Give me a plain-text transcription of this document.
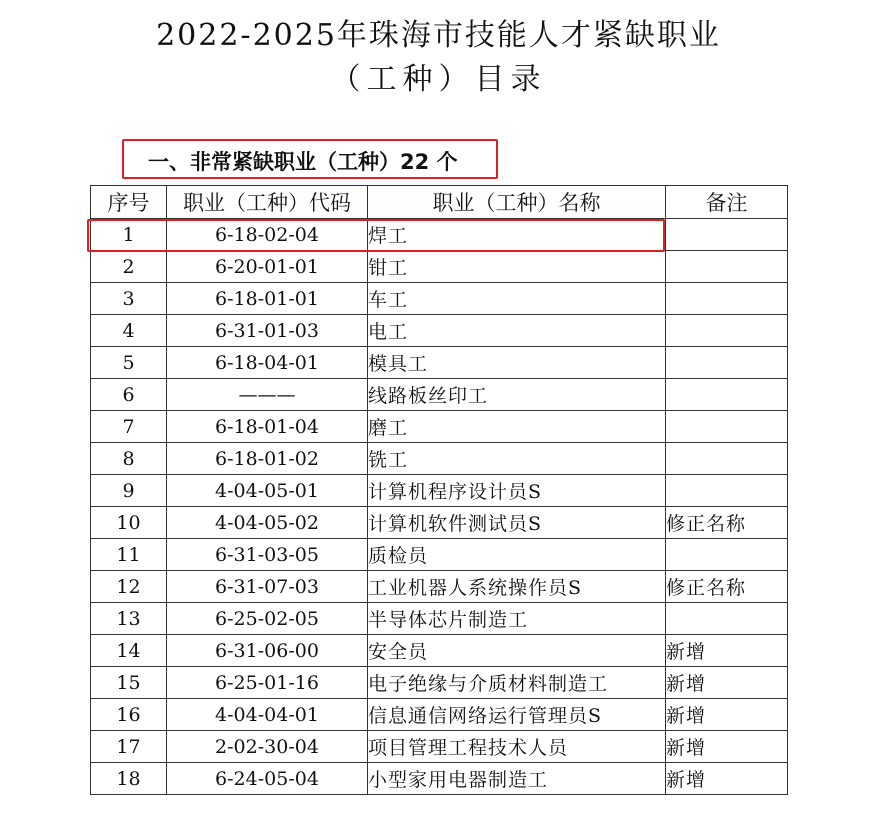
2022-2025年珠海市技能人才紧缺职业
（工种）目录
一、非常紧缺职业（工种）22 个
序号	职业（工种）代码	职业（工种）名称	备注
1	6-18-02-04	焊工	
2	6-20-01-01	钳工	
3	6-18-01-01	车工	
4	6-31-01-03	电工	
5	6-18-04-01	模具工	
6	———	线路板丝印工	
7	6-18-01-04	磨工	
8	6-18-01-02	铣工	
9	4-04-05-01	计算机程序设计员S	
10	4-04-05-02	计算机软件测试员S	修正名称
11	6-31-03-05	质检员	
12	6-31-07-03	工业机器人系统操作员S	修正名称
13	6-25-02-05	半导体芯片制造工	
14	6-31-06-00	安全员	新增
15	6-25-01-16	电子绝缘与介质材料制造工	新增
16	4-04-04-01	信息通信网络运行管理员S	新增
17	2-02-30-04	项目管理工程技术人员	新增
18	6-24-05-04	小型家用电器制造工	新增
